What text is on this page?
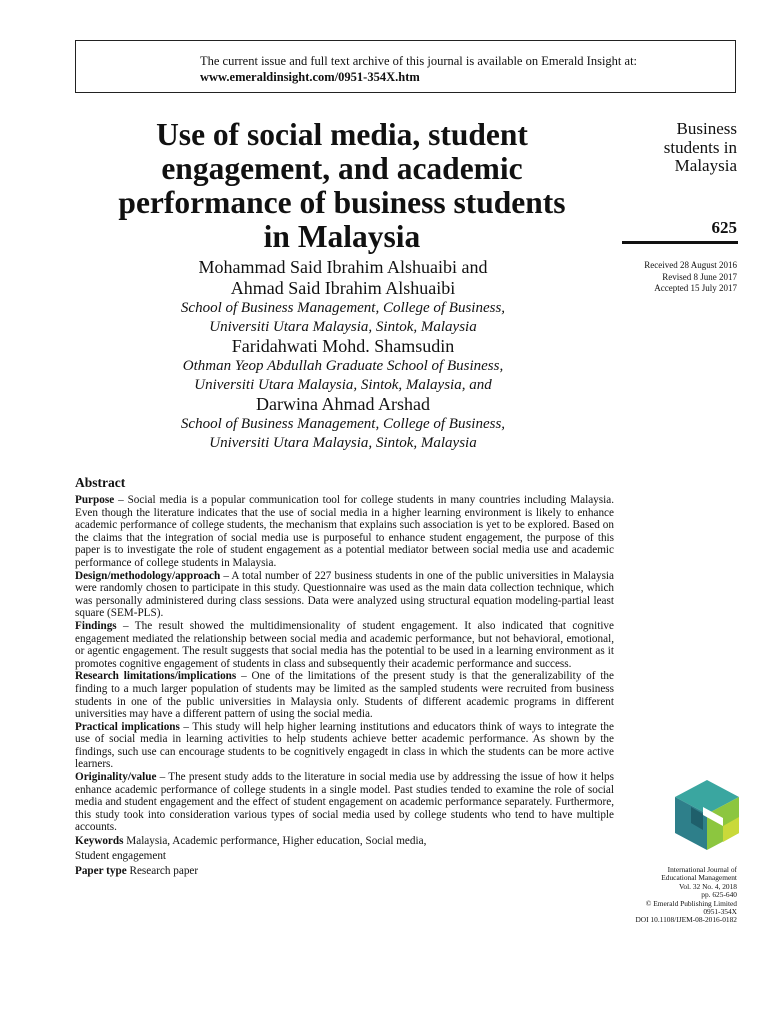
The current issue and full text archive of this journal is available on Emerald Insight at:
www.emeraldinsight.com/0951-354X.htm
Use of social media, student
engagement, and academic
performance of business students
in Malaysia
Mohammad Said Ibrahim Alshuaibi and
Ahmad Said Ibrahim Alshuaibi
School of Business Management, College of Business,
Universiti Utara Malaysia, Sintok, Malaysia
Faridahwati Mohd. Shamsudin
Othman Yeop Abdullah Graduate School of Business,
Universiti Utara Malaysia, Sintok, Malaysia, and
Darwina Ahmad Arshad
School of Business Management, College of Business,
Universiti Utara Malaysia, Sintok, Malaysia
Business
students in
Malaysia
625
Received 28 August 2016
Revised 8 June 2017
Accepted 15 July 2017
Abstract
Purpose – Social media is a popular communication tool for college students in many countries including Malaysia. Even though the literature indicates that the use of social media in a higher learning environment is likely to enhance academic performance of college students, the mechanism that explains such association is yet to be explored. Based on the claims that the integration of social media use is purposeful to enhance student engagement, the purpose of this paper is to investigate the role of student engagement as a potential mediator between social media use and academic performance of college students in Malaysia.
Design/methodology/approach – A total number of 227 business students in one of the public universities in Malaysia were randomly chosen to participate in this study. Questionnaire was used as the main data collection technique, which was personally administered during class sessions. Data were analyzed using structural equation modeling-partial least square (SEM-PLS).
Findings – The result showed the multidimensionality of student engagement. It also indicated that cognitive engagement mediated the relationship between social media and academic performance, but not behavioral, emotional, or agentic engagement. The result suggests that social media has the potential to be used in a learning environment as it promotes cognitive engagement of students in class and subsequently their academic performance and success.
Research limitations/implications – One of the limitations of the present study is that the generalizability of the finding to a much larger population of students may be limited as the sampled students were recruited from business students in one of the public universities in Malaysia only. Students of different academic programs in different universities may have a different pattern of using the social media.
Practical implications – This study will help higher learning institutions and educators think of ways to integrate the use of social media in learning activities to help students achieve better academic performance. As shown by the findings, such use can encourage students to be cognitively engagedt in class in which the students can be more active learners.
Originality/value – The present study adds to the literature in social media use by addressing the issue of how it helps enhance academic performance of college students in a single model. Past studies tended to examine the role of social media and student engagement and the effect of student engagement on academic performance separately. Furthermore, this study took into consideration various types of social media used by college students who tend to have multiple accounts.
Keywords Malaysia, Academic performance, Higher education, Social media,
Student engagement
Paper type Research paper	International Journal of
Educational Management
Vol. 32 No. 4, 2018
pp. 625-640
© Emerald Publishing Limited
0951-354X
DOI 10.1108/IJEM-08-2016-0182
